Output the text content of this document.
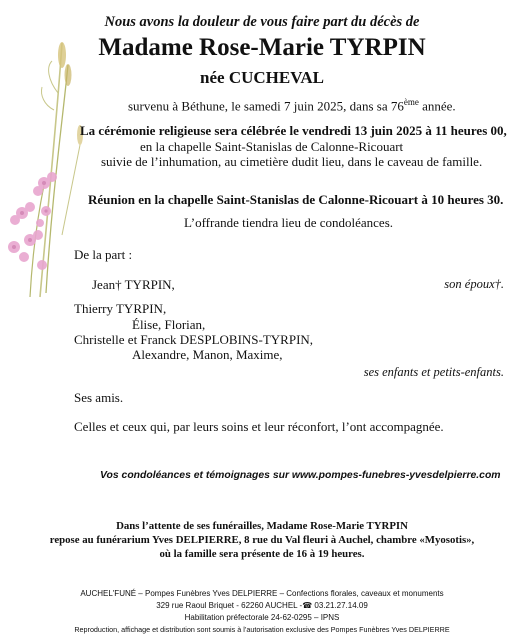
Nous avons la douleur de vous faire part du décès de
Madame Rose-Marie TYRPIN
née CUCHEVAL
survenu à Béthune, le samedi 7 juin 2025, dans sa 76ème année.
La cérémonie religieuse sera célébrée le vendredi 13 juin 2025 à 11 heures 00,
en la chapelle Saint-Stanislas de Calonne-Ricouart
suivie de l’inhumation, au cimetière dudit lieu, dans le caveau de famille.
Réunion en la chapelle Saint-Stanislas de Calonne-Ricouart à 10 heures 30.
L’offrande tiendra lieu de condoléances.
De la part :
Jean† TYRPIN,	son époux†.
Thierry TYRPIN,
Élise, Florian,
Christelle et Franck DESPLOBINS-TYRPIN,
Alexandre, Manon, Maxime,
ses enfants et petits-enfants.
Ses amis.
Celles et ceux qui, par leurs soins et leur réconfort, l’ont accompagnée.
Vos condoléances et témoignages sur www.pompes-funebres-yvesdelpierre.com
Dans l’attente de ses funérailles, Madame Rose-Marie TYRPIN
repose au funérarium Yves DELPIERRE, 8 rue du Val fleuri à Auchel, chambre «Myosotis»,
où la famille sera présente de 16 à 19 heures.
AUCHEL'FUNÉ – Pompes Funèbres Yves DELPIERRE – Confections florales, caveaux et monuments
329 rue Raoul Briquet - 62260 AUCHEL -☎ 03.21.27.14.09
Habilitation préfectorale 24-62-0295 – IPNS
Reproduction, affichage et distribution sont soumis à l’autorisation exclusive des Pompes Funèbres Yves DELPIERRE
